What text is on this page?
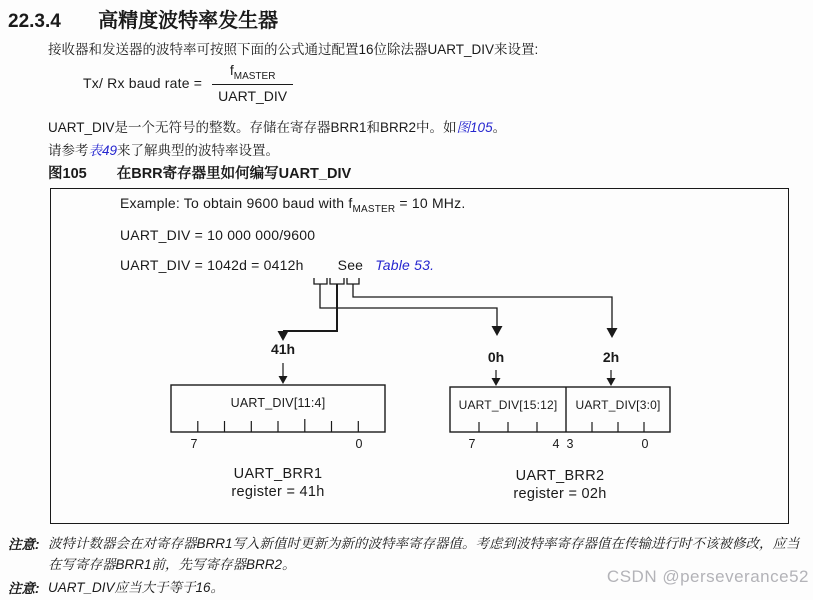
22.3.4 高精度波特率发生器
接收器和发送器的波特率可按照下面的公式通过配置16位除法器UART_DIV来设置:
Tx/ Rx baud rate = $\frac{f_{MASTER}}{\text{UART\_DIV}}$
UART_DIV是一个无符号的整数。存储在寄存器BRR1和BRR2中。如图105。
请参考表49来了解典型的波特率设置。
图105 在BRR寄存器里如何编写UART_DIV
Example: To obtain 9600 baud with $f_{MASTER} = 10$ MHz.
UART_DIV = 10 000 000/9600
UART_DIV = 1042d = 0412h See Table 53.
41h	0h	2h
UART_DIV[11:4]	UART_DIV[15:12]	UART_DIV[3:0]
7	0	7	4 3	0
UART_BRR1
register = 41h
UART_BRR2
register = 02h
注意: 波特计数器会在对寄存器BRR1写入新值时更新为新的波特率寄存器值。考虑到波特率寄存器值在传输进行时不该被修改，应当在写寄存器BRR1前，先写寄存器BRR2。
注意: UART_DIV应当大于等于16。
CSDN @perseverance52
